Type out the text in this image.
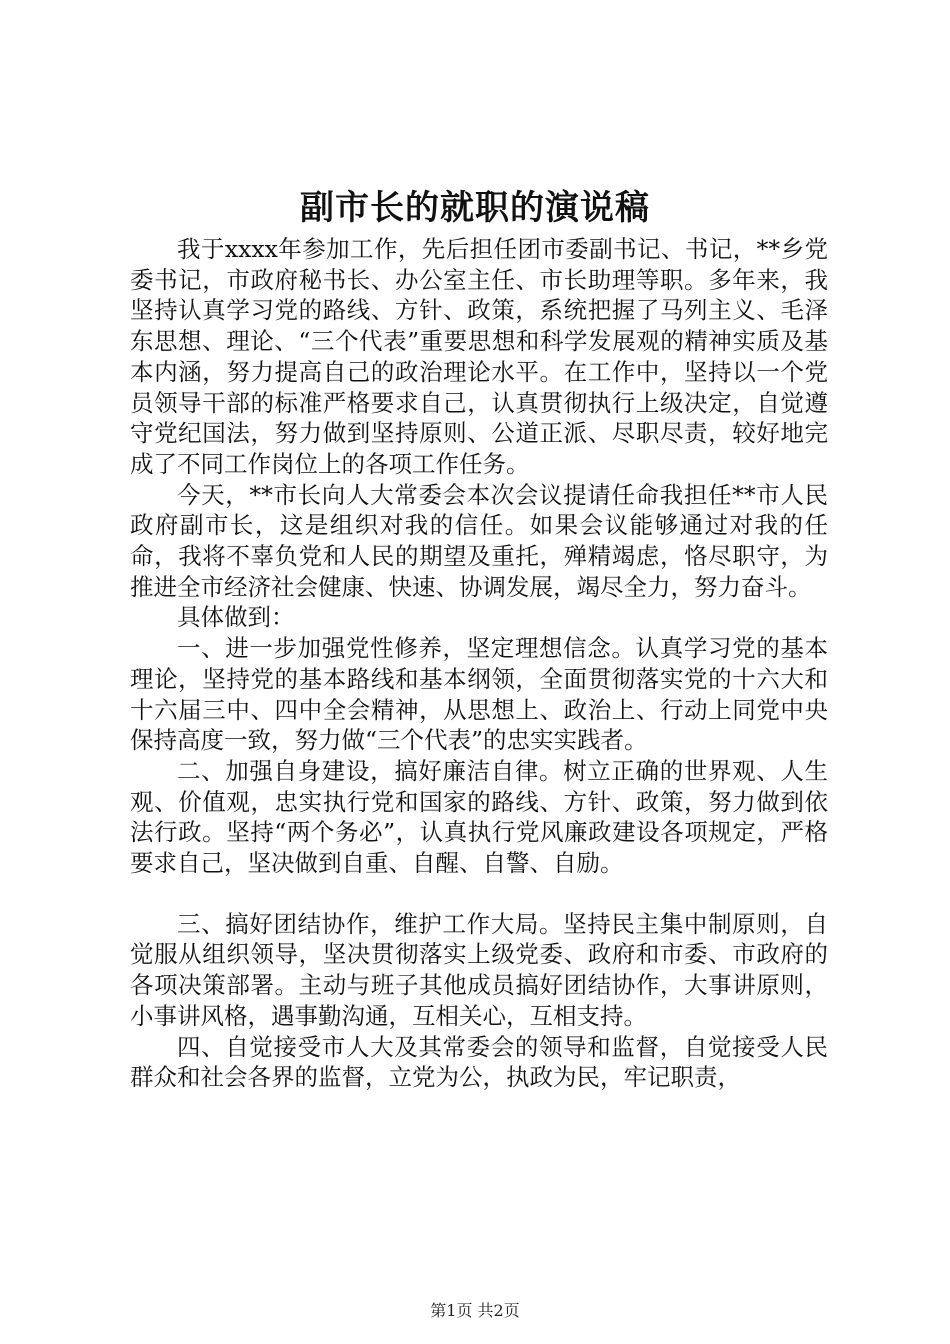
副市长的就职的演说稿

我于xxxx年参加工作，先后担任团市委副书记、书记，**乡党委书记，市政府秘书长、办公室主任、市长助理等职。多年来，我坚持认真学习党的路线、方针、政策，系统把握了马列主义、毛泽东思想、理论、“三个代表”重要思想和科学发展观的精神实质及基本内涵，努力提高自己的政治理论水平。在工作中，坚持以一个党员领导干部的标准严格要求自己，认真贯彻执行上级决定，自觉遵守党纪国法，努力做到坚持原则、公道正派、尽职尽责，较好地完成了不同工作岗位上的各项工作任务。

今天，**市长向人大常委会本次会议提请任命我担任**市人民政府副市长，这是组织对我的信任。如果会议能够通过对我的任命，我将不辜负党和人民的期望及重托，殚精竭虑，恪尽职守，为推进全市经济社会健康、快速、协调发展，竭尽全力，努力奋斗。

具体做到：

一、进一步加强党性修养，坚定理想信念。认真学习党的基本理论，坚持党的基本路线和基本纲领，全面贯彻落实党的十六大和十六届三中、四中全会精神，从思想上、政治上、行动上同党中央保持高度一致，努力做“三个代表”的忠实实践者。

二、加强自身建设，搞好廉洁自律。树立正确的世界观、人生观、价值观，忠实执行党和国家的路线、方针、政策，努力做到依法行政。坚持“两个务必”，认真执行党风廉政建设各项规定，严格要求自己，坚决做到自重、自醒、自警、自励。

三、搞好团结协作，维护工作大局。坚持民主集中制原则，自觉服从组织领导，坚决贯彻落实上级党委、政府和市委、市政府的各项决策部署。主动与班子其他成员搞好团结协作，大事讲原则，小事讲风格，遇事勤沟通，互相关心，互相支持。

四、自觉接受市人大及其常委会的领导和监督，自觉接受人民群众和社会各界的监督，立党为公，执政为民，牢记职责，

第1页 共2页
